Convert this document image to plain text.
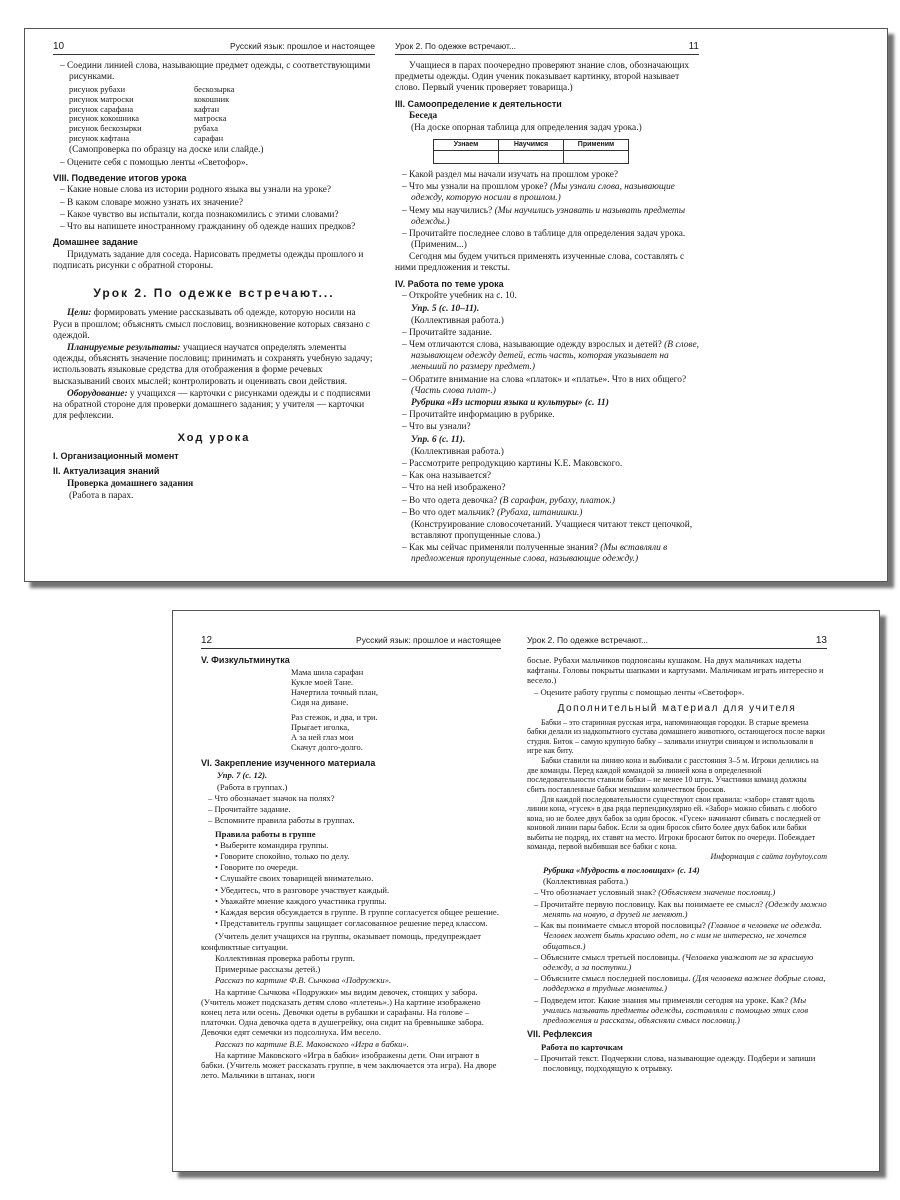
10	Русский язык: прошлое и настоящее

– Соедини линией слова, называющие предмет одежды, с соответствующими рисунками.

рисунок рубахи	бескозырка
рисунок матроски	кокошник
рисунок сарафана	кафтан
рисунок кокошника	матроска
рисунок бескозырки	рубаха
рисунок кафтана	сарафан

(Самопроверка по образцу на доске или слайде.)

– Оцените себя с помощью ленты «Светофор».

VIII. Подведение итогов урока

– Какие новые слова из истории родного языка вы узнали на уроке?

– В каком словаре можно узнать их значение?

– Какое чувство вы испытали, когда познакомились с этими словами?

– Что вы напишете иностранному гражданину об одежде наших предков?

Домашнее задание

Придумать задание для соседа. Нарисовать предметы одежды прошлого и подписать рисунки с обратной стороны.

Урок 2. По одежке встречают...

Цели: формировать умение рассказывать об одежде, которую носили на Руси в прошлом; объяснять смысл пословиц, возникновение которых связано с одеждой.

Планируемые результаты: учащиеся научатся определять элементы одежды, объяснять значение пословиц; принимать и сохранять учебную задачу; использовать языковые средства для отображения в форме речевых высказываний своих мыслей; контролировать и оценивать свои действия.

Оборудование: у учащихся — карточки с рисунками одежды и с подписями на обратной стороне для проверки домашнего задания; у учителя — карточки для рефлексии.

Ход урока
I. Организационный момент
II. Актуализация знаний

Проверка домашнего задания

(Работа в парах.

Урок 2. По одежке встречают...	11

Учащиеся в парах поочередно проверяют знание слов, обозначающих предметы одежды. Один ученик показывает картинку, второй называет слово. Первый ученик проверяет товарища.)

III. Самоопределение к деятельности

Беседа

(На доске опорная таблица для определения задач урока.)

Узнаем	Научимся	Применим

– Какой раздел мы начали изучать на прошлом уроке?

– Что мы узнали на прошлом уроке? (Мы узнали слова, называющие одежду, которую носили в прошлом.)

– Чему мы научились? (Мы научились узнавать и называть предметы одежды.)

– Прочитайте последнее слово в таблице для определения задач урока. (Применим...)

Сегодня мы будем учиться применять изученные слова, составлять с ними предложения и тексты.

IV. Работа по теме урока

– Откройте учебник на с. 10.

Упр. 5 (с. 10–11).

(Коллективная работа.)

– Прочитайте задание.

– Чем отличаются слова, называющие одежду взрослых и детей? (В слове, называющем одежду детей, есть часть, которая указывает на меньший по размеру предмет.)

– Обратите внимание на слова «платок» и «платье». Что в них общего? (Часть слова плат-.)

Рубрика «Из истории языка и культуры» (с. 11)

– Прочитайте информацию в рубрике.

– Что вы узнали?

Упр. 6 (с. 11).

(Коллективная работа.)

– Рассмотрите репродукцию картины К.Е. Маковского.

– Как она называется?

– Что на ней изображено?

– Во что одета девочка? (В сарафан, рубаху, платок.)

– Во что одет мальчик? (Рубаха, штанишки.)

(Конструирование словосочетаний. Учащиеся читают текст цепочкой, вставляют пропущенные слова.)

– Как мы сейчас применяли полученные знания? (Мы вставляли в предложения пропущенные слова, называющие одежду.)

12	Русский язык: прошлое и настоящее
V. Физкультминутка
Мама шила сарафан
Кукле моей Тане.
Начертила точный план,
Сидя на диване.
Раз стежок, и два, и три.
Прыгает иголка,
А за ней глаз мои
Скачут долго-долго.
VI. Закрепление изученного материала

Упр. 7 (с. 12).

(Работа в группах.)

– Что обозначает значок на полях?

– Прочитайте задание.

– Вспомните правила работы в группах.

Правила работы в группе

• Выберите командира группы.

• Говорите спокойно, только по делу.

• Говорите по очереди.

• Слушайте своих товарищей внимательно.

• Убедитесь, что в разговоре участвует каждый.

• Уважайте мнение каждого участника группы.

• Каждая версия обсуждается в группе. В группе согласуется общее решение.

• Представитель группы защищает согласованное решение перед классом.

(Учитель делит учащихся на группы, оказывает помощь, предупреждает конфликтные ситуации.

Коллективная проверка работы групп.

Примерные рассказы детей.)

Рассказ по картине Ф.В. Сычкова «Подружки».

На картине Сычкова «Подружки» мы видим девочек, стоящих у забора. (Учитель может подсказать детям слово «плетень».) На картине изображено конец лета или осень. Девочки одеты в рубашки и сарафаны. На голове – платочки. Одна девочка одета в душегрейку, она сидит на бревнышке забора. Девочки едят семечки из подсолнуха. Им весело.

Рассказ по картине В.Е. Маковского «Игра в бабки».

На картине Маковского «Игра в бабки» изображены дети. Они играют в бабки. (Учитель может рассказать группе, в чем заключается эта игра). На дворе лето. Мальчики в штанах, ноги

Урок 2. По одежке встречают...	13

босые. Рубахи мальчиков подпоясаны кушаком. На двух мальчиках надеты кафтаны. Головы покрыты шапками и картузами. Мальчикам играть интересно и весело.)

– Оцените работу группы с помощью ленты «Светофор».

Дополнительный материал для учителя

Бабки – это старинная русская игра, напоминающая городки. В старые времена бабки делали из надкопытного сустава домашнего животного, остающегося после варки студня. Биток – самую крупную бабку – заливали изнутри свинцом и использовали в игре как биту.

Бабки ставили на линию кона и выбивали с расстояния 3–5 м. Игроки делились на две команды. Перед каждой командой за линией кона в определенной последовательности ставили бабки – не менее 10 штук. Участники команд должны сбить поставленные бабки меньшим количеством бросков.

Для каждой последовательности существуют свои правила: «забор» ставят вдоль линии кона, «гусек» в два ряда перпендикулярно ей. «Забор» можно сбивать с любого кона, но не более двух бабок за один бросок. «Гусек» начинают сбивать с последней от коновой линии пары бабок. Если за один бросок сбито более двух бабок или бабки выбиты не подряд, их ставят на место. Игроки бросают биток по очереди. Побеждает команда, первой выбившая все бабки с кона.

Информация с сайта toybytoy.com

Рубрика «Мудрость в пословицах» (с. 14)

(Коллективная работа.)

– Что обозначает условный знак? (Объясняем значение пословиц.)

– Прочитайте первую пословицу. Как вы понимаете ее смысл? (Одежду можно менять на новую, а друзей не меняют.)

– Как вы понимаете смысл второй пословицы? (Главное в человеке не одежда. Человек может быть красиво одет, но с ним не интересно, не хочется общаться.)

– Объясните смысл третьей пословицы. (Человека уважают не за красивую одежду, а за поступки.)

– Объясните смысл последней пословицы. (Для человека важнее добрые слова, поддержка в трудные моменты.)

– Подведем итог. Какие знания мы применяли сегодня на уроке. Как? (Мы учились называть предметы одежды, составляли с помощью этих слов предложения и рассказы, объясняли смысл пословиц.)

VII. Рефлексия

Работа по карточкам

– Прочитай текст. Подчеркни слова, называющие одежду. Подбери и запиши пословицу, подходящую к отрывку.
